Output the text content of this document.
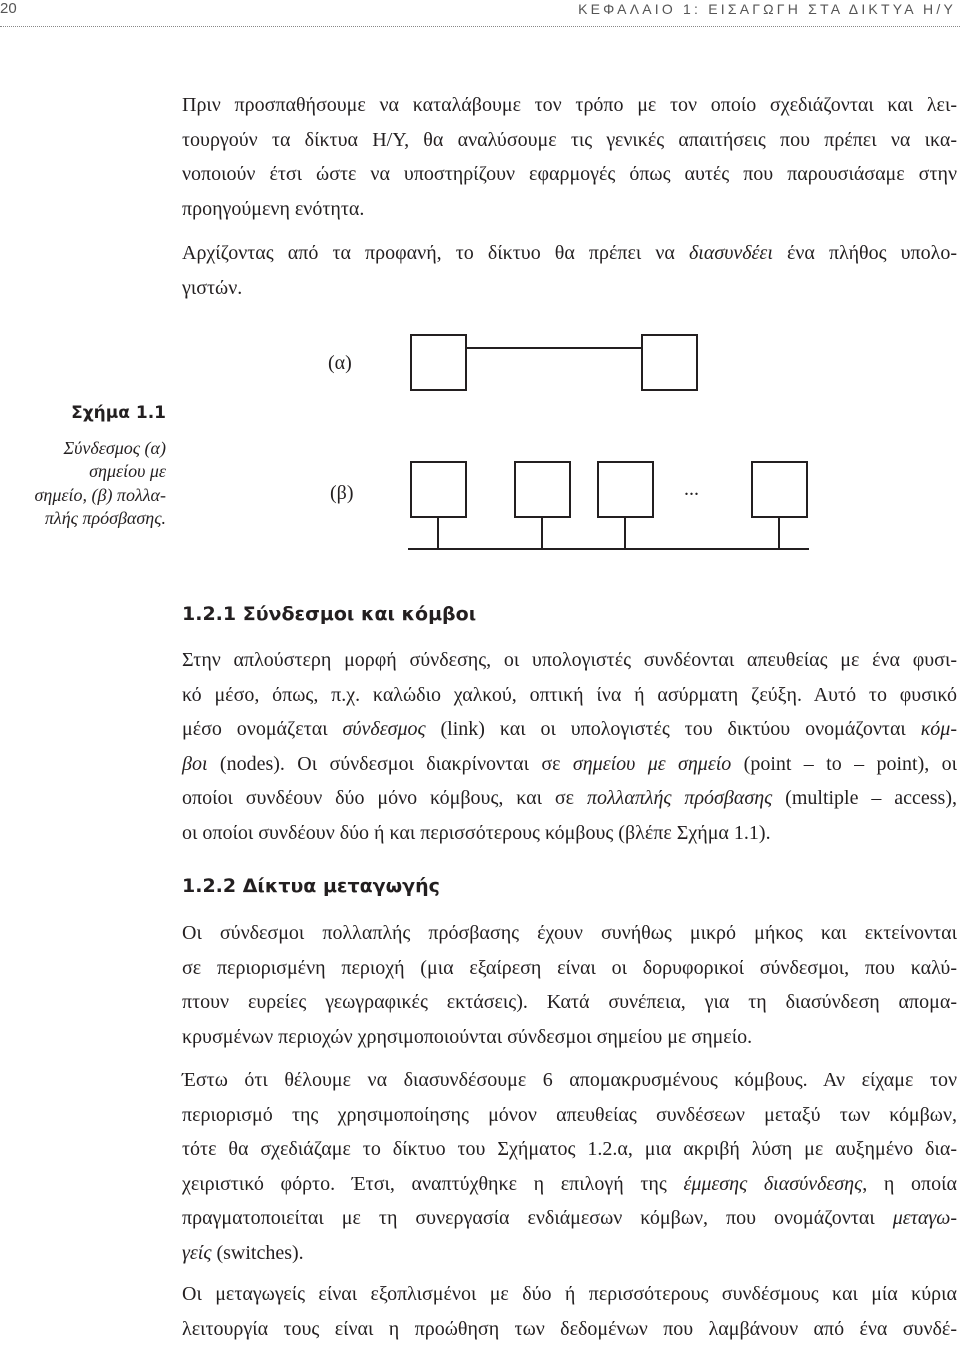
20	ΚΕΦΑΛΑΙΟ 1: ΕΙΣΑΓΩΓΗ ΣΤΑ ΔΙΚΤΥΑ Η/Υ
Πριν προσπαθήσουμε να καταλάβουμε τον τρόπο με τον οποίο σχεδιάζονται και λει-
τουργούν τα δίκτυα Η/Υ, θα αναλύσουμε τις γενικές απαιτήσεις που πρέπει να ικα-
νοποιούν έτσι ώστε να υποστηρίζουν εφαρμογές όπως αυτές που παρουσιάσαμε στην
προηγούμενη ενότητα.
Αρχίζοντας από τα προφανή, το δίκτυο θα πρέπει να διασυνδέει ένα πλήθος υπολο-
γιστών.
Σχήμα 1.1
Σύνδεσμος (α)
σημείου με
σημείο, (β) πολλα-
πλής πρόσβασης.
(α)
(β)	...
1.2.1 Σύνδεσμοι και κόμβοι
Στην απλούστερη μορφή σύνδεσης, οι υπολογιστές συνδέονται απευθείας με ένα φυσι-
κό μέσο, όπως, π.χ. καλώδιο χαλκού, οπτική ίνα ή ασύρματη ζεύξη. Αυτό το φυσικό
μέσο ονομάζεται σύνδεσμος (link) και οι υπολογιστές του δικτύου ονομάζονται κόμ-
βοι (nodes). Οι σύνδεσμοι διακρίνονται σε σημείου με σημείο (point – to – point), οι
οποίοι συνδέουν δύο μόνο κόμβους, και σε πολλαπλής πρόσβασης (multiple – access),
οι οποίοι συνδέουν δύο ή και περισσότερους κόμβους (βλέπε Σχήμα 1.1).
1.2.2 Δίκτυα μεταγωγής
Οι σύνδεσμοι πολλαπλής πρόσβασης έχουν συνήθως μικρό μήκος και εκτείνονται
σε περιορισμένη περιοχή (μια εξαίρεση είναι οι δορυφορικοί σύνδεσμοι, που καλύ-
πτουν ευρείες γεωγραφικές εκτάσεις). Κατά συνέπεια, για τη διασύνδεση απομα-
κρυσμένων περιοχών χρησιμοποιούνται σύνδεσμοι σημείου με σημείο.
Έστω ότι θέλουμε να διασυνδέσουμε 6 απομακρυσμένους κόμβους. Αν είχαμε τον
περιορισμό της χρησιμοποίησης μόνον απευθείας συνδέσεων μεταξύ των κόμβων,
τότε θα σχεδιάζαμε το δίκτυο του Σχήματος 1.2.α, μια ακριβή λύση με αυξημένο δια-
χειριστικό φόρτο. Έτσι, αναπτύχθηκε η επιλογή της έμμεσης διασύνδεσης, η οποία
πραγματοποιείται με τη συνεργασία ενδιάμεσων κόμβων, που ονομάζονται μεταγω-
γείς (switches).
Οι μεταγωγείς είναι εξοπλισμένοι με δύο ή περισσότερους συνδέσμους και μία κύρια
λειτουργία τους είναι η προώθηση των δεδομένων που λαμβάνουν από ένα συνδέ-
